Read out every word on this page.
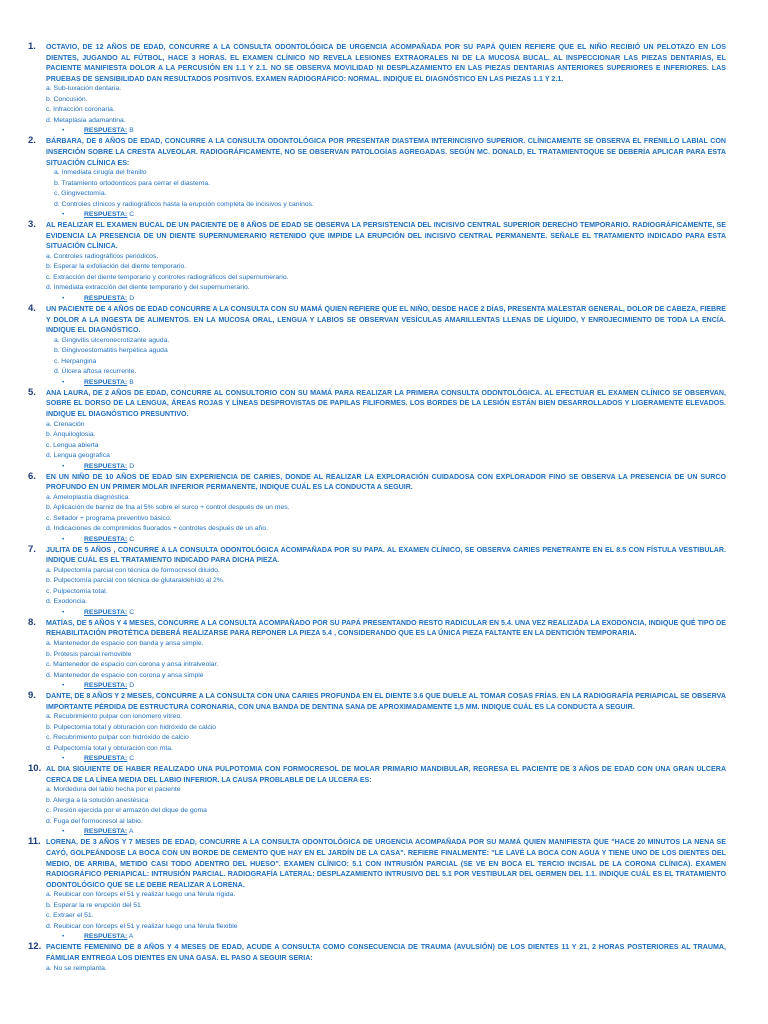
1.	OCTAVIO, DE 12 AÑOS DE EDAD, CONCURRE A LA CONSULTA ODONTOLÓGICA DE URGENCIA ACOMPAÑADA POR SU PAPÁ QUIEN REFIERE QUE EL NIÑO RECIBIÓ UN PELOTAZO EN LOS DIENTES, JUGANDO AL FÚTBOL, HACE 3 HORAS. EL EXAMEN CLÍNICO NO REVELA LESIONES EXTRAORALES NI DE LA MUCOSA BUCAL. AL INSPECCIONAR LAS PIEZAS DENTARIAS, EL PACIENTE MANIFIESTA DOLOR A LA PERCUSIÓN EN 1.1 Y 2.1. NO SE OBSERVA MOVILIDAD NI DESPLAZAMIENTO EN LAS PIEZAS DENTARIAS ANTERIORES SUPERIORES E INFERIORES. LAS PRUEBAS DE SENSIBILIDAD DAN RESULTADOS POSITIVOS. EXAMEN RADIOGRÁFICO: NORMAL. INDIQUE EL DIAGNÓSTICO EN LAS PIEZAS 1.1 Y 2.1.
a. Sub-luxación dentaria.
b. Concusión.
c. Infracción coronaria.
d. Metaplasia adamantina.
•	RESPUESTA: B
2.	BÁRBARA, DE 8 AÑOS DE EDAD, CONCURRE A LA CONSULTA ODONTOLÓGICA POR PRESENTAR DIASTEMA INTERINCISIVO SUPERIOR. CLÍNICAMENTE SE OBSERVA EL FRENILLO LABIAL CON INSERCIÓN SOBRE LA CRESTA ALVEOLAR. RADIOGRÁFICAMENTE, NO SE OBSERVAN PATOLOGÍAS AGREGADAS. SEGÚN MC. DONALD, EL TRATAMIENTOQUE SE DEBERÍA APLICAR PARA ESTA SITUACIÓN CLÍNICA ES:
a. Inmediata cirugía del frenillo
b. Tratamiento ortodonticos para cerrar el diastema.
c. Gingivectomía.
d. Controles clínicos y radiográficos hasta la erupción completa de incisivos y caninos.
•	RESPUESTA: C
3.	AL REALIZAR EL EXAMEN BUCAL DE UN PACIENTE DE 8 AÑOS DE EDAD SE OBSERVA LA PERSISTENCIA DEL INCISIVO CENTRAL SUPERIOR DERECHO TEMPORARIO. RADIOGRÁFICAMENTE, SE EVIDENCIA LA PRESENCIA DE UN DIENTE SUPERNUMERARIO RETENIDO QUE IMPIDE LA ERUPCIÓN DEL INCISIVO CENTRAL PERMANENTE. SEÑALE EL TRATAMIENTO INDICADO PARA ESTA SITUACIÓN CLÍNICA.
a. Controles radiográficos periódicos.
b. Esperar la exfoliación del diente temporario.
c. Extracción del diente temporario y controles radiográficos del supernumerario.
d. Inmediata extracción del diente temporario y del supernumerario.
•	RESPUESTA: D
4.	UN PACIENTE DE 4 AÑOS DE EDAD CONCURRE A LA CONSULTA CON SU MAMÁ QUIEN REFIERE QUE EL NIÑO, DESDE HACE 2 DÍAS, PRESENTA MALESTAR GENERAL, DOLOR DE CABEZA, FIEBRE Y DOLOR A LA INGESTA DE ALIMENTOS. EN LA MUCOSA ORAL, LENGUA Y LABIOS SE OBSERVAN VESÍCULAS AMARILLENTAS LLENAS DE LÍQUIDO, Y ENROJECIMIENTO DE TODA LA ENCÍA. INDIQUE EL DIAGNÓSTICO.
a. Gingivitis úlceronecrotizante aguda.
b. Gingivoestomatitis herpética aguda
c. Herpangina
d. Úlcera aftosa recurrente.
•	RESPUESTA: B
5.	ANA LAURA, DE 2 AÑOS DE EDAD, CONCURRE AL CONSULTORIO CON SU MAMÁ PARA REALIZAR LA PRIMERA CONSULTA ODONTOLÓGICA. AL EFECTUAR EL EXAMEN CLÍNICO SE OBSERVAN, SOBRE EL DORSO DE LA LENGUA, ÁREAS ROJAS Y LÍNEAS DESPROVISTAS DE PAPILAS FILIFORMES. LOS BORDES DE LA LESIÓN ESTÁN BIEN DESARROLLADOS Y LIGERAMENTE ELEVADOS. INDIQUE EL DIAGNÓSTICO PRESUNTIVO.
a. Crenación
b. Anquiloglosia.
c. Lengua abierta
d. Lengua geografica
•	RESPUESTA: D
6.	EN UN NIÑO DE 10 AÑOS DE EDAD SIN EXPERIENCIA DE CARIES, DONDE AL REALIZAR LA EXPLORACIÓN CUIDADOSA CON EXPLORADOR FINO SE OBSERVA LA PRESENCIA DE UN SURCO PROFUNDO EN UN PRIMER MOLAR INFERIOR PERMANENTE, INDIQUE CUÁL ES LA CONDUCTA A SEGUIR.
a. Ameloplastia diagnóstica.
b. Aplicación de barniz de fna al 5% sobre el surco + control después de un mes.
c. Sellador + programa preventivo básico.
d. Indicaciones de comprimidos fluorados + controles después de un año.
•	RESPUESTA: C
7.	JULITA DE 5 AÑOS , CONCURRE A LA CONSULTA ODONTOLÓGICA ACOMPAÑADA POR SU PAPA. AL EXAMEN CLÍNICO, SE OBSERVA CARIES PENETRANTE EN EL 8.5 CON FÍSTULA VESTIBULAR. INDIQUE CUÁL ES EL TRATAMIENTO INDICADO PARA DICHA PIEZA.
a. Pulpectomía parcial con técnica de formocresol diluido.
b. Pulpectomía parcial con técnica de glutaraldehído al 2%.
c. Pulpectomía total.
d. Exodoncia.
•	RESPUESTA: C
8.	MATÍAS, DE 5 AÑOS Y 4 MESES, CONCURRE A LA CONSULTA ACOMPAÑADO POR SU PAPÁ PRESENTANDO RESTO RADICULAR EN 5.4. UNA VEZ REALIZADA LA EXODONCIA, INDIQUE QUÉ TIPO DE REHABILITACIÓN PROTÉTICA DEBERÁ REALIZARSE PARA REPONER LA PIEZA 5.4 , CONSIDERANDO QUE ES LA ÚNICA PIEZA FALTANTE EN LA DENTICIÓN TEMPORARIA.
a. Mantenedor de espacio con banda y ansa simple.
b. Prótesis parcial removible
c. Mantenedor de espacio con corona y ansa intralveolar.
d. Mantenedor de espacio con corona y ansa simple
•	RESPUESTA: D
9.	DANTE, DE 8 AÑOS Y 2 MESES, CONCURRE A LA CONSULTA CON UNA CARIES PROFUNDA EN EL DIENTE 3.6 QUE DUELE AL TOMAR COSAS FRÍAS. EN LA RADIOGRAFÍA PERIAPICAL SE OBSERVA IMPORTANTE PÉRDIDA DE ESTRUCTURA CORONARIA, CON UNA BANDA DE DENTINA SANA DE APROXIMADAMENTE 1,5 MM. INDIQUE CUÁL ES LA CONDUCTA A SEGUIR.
a. Recubrimiento pulpar con ionómero vítreo.
b. Pulpectomía total y obturación con hidróxido de calcio
c. Recubrimiento pulpar con hidróxido de calcio
d. Pulpectomía total y obturación con mta.
•	RESPUESTA: C
10. AL DIA SIGUIENTE DE HABER REALIZADO UNA PULPOTOMIA CON FORMOCRESOL DE MOLAR PRIMARIO MANDIBULAR, REGRESA EL PACIENTE DE 3 AÑOS DE EDAD CON UNA GRAN ULCERA CERCA DE LA LÍNEA MEDIA DEL LABIO INFERIOR. LA CAUSA PROBLABLE DE LA ULCERA ES:
a. Mordedura del labio hecha por el paciente
b. Alergia a la solución anestésica
c. Presión ejercida por el armazón del dique de goma
d. Fuga del formocresol al labio.
•	RESPUESTA: A
11. LORENA, DE 3 AÑOS Y 7 MESES DE EDAD, CONCURRE A LA CONSULTA ODONTOLÓGICA DE URGENCIA ACOMPAÑADA POR SU MAMÁ QUIEN MANIFIESTA QUE "HACE 20 MINUTOS LA NENA SE CAYÓ, GOLPEÁNDOSE LA BOCA CON UN BORDE DE CEMENTO QUE HAY EN EL JARDÍN DE LA CASA". REFIERE FINALMENTE: "LE LAVÉ LA BOCA CON AGUA Y TIENE UNO DE LOS DIENTES DEL MEDIO, DE ARRIBA, METIDO CASI TODO ADENTRO DEL HUESO". EXAMEN CLÍNICO: 5.1 CON INTRUSIÓN PARCIAL (SE VE EN BOCA EL TERCIO INCISAL DE LA CORONA CLÍNICA). EXAMEN RADIOGRÁFICO PERIAPICAL: INTRUSIÓN PARCIAL. RADIOGRAFÍA LATERAL: DESPLAZAMIENTO INTRUSIVO DEL 5.1 POR VESTIBULAR DEL GERMEN DEL 1.1. INDIQUE CUÁL ES EL TRATAMIENTO ODONTOLÓGICO QUE SE LE DEBE REALIZAR A LORENA.
a. Reubicar con fórceps el 51 y realizar luego una férula rígida.
b. Esperar la re erupción del 51
c. Extraer el 51.
d. Reubicar con fórceps el 51 y realizar luego una férula flexible
•	RESPUESTA: A
12. PACIENTE FEMENINO DE 8 AÑOS Y 4 MESES DE EDAD, ACUDE A CONSULTA COMO CONSECUENCIA DE TRAUMA (AVULSIÓN) DE LOS DIENTES 11 Y 21, 2 HORAS POSTERIORES AL TRAUMA, FAMILIAR ENTREGA LOS DIENTES EN UNA GASA. EL PASO A SEGUIR SERIA:
a. No se reimplanta.
